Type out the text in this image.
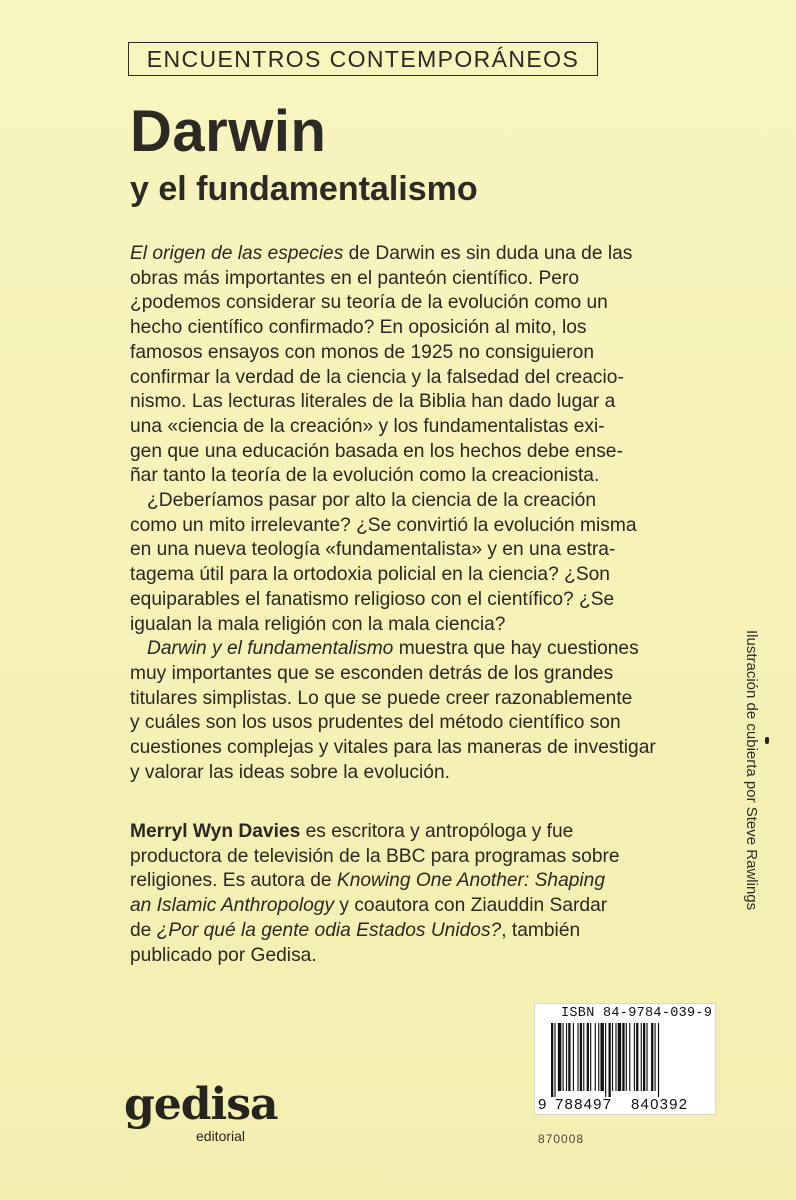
ENCUENTROS CONTEMPORÁNEOS
Darwin
y el fundamentalismo
El origen de las especies de Darwin es sin duda una de las
obras más importantes en el panteón científico. Pero
¿podemos considerar su teoría de la evolución como un
hecho científico confirmado? En oposición al mito, los
famosos ensayos con monos de 1925 no consiguieron
confirmar la verdad de la ciencia y la falsedad del creacio-
nismo. Las lecturas literales de la Biblia han dado lugar a
una «ciencia de la creación» y los fundamentalistas exi-
gen que una educación basada en los hechos debe ense-
ñar tanto la teoría de la evolución como la creacionista.
¿Deberíamos pasar por alto la ciencia de la creación
como un mito irrelevante? ¿Se convirtió la evolución misma
en una nueva teología «fundamentalista» y en una estra-
tagema útil para la ortodoxia policial en la ciencia? ¿Son
equiparables el fanatismo religioso con el científico? ¿Se
igualan la mala religión con la mala ciencia?
Darwin y el fundamentalismo muestra que hay cuestiones
muy importantes que se esconden detrás de los grandes
titulares simplistas. Lo que se puede creer razonablemente
y cuáles son los usos prudentes del método científico son
cuestiones complejas y vitales para las maneras de investigar
y valorar las ideas sobre la evolución.
Merryl Wyn Davies es escritora y antropóloga y fue
productora de televisión de la BBC para programas sobre
religiones. Es autora de Knowing One Another: Shaping
an Islamic Anthropology y coautora con Ziauddin Sardar
de ¿Por qué la gente odia Estados Unidos?, también
publicado por Gedisa.
Ilustración de cubierta por Steve Rawlings
ISBN 84-9784-039-9
9 788497 840392
870008
gedisa
editorial
